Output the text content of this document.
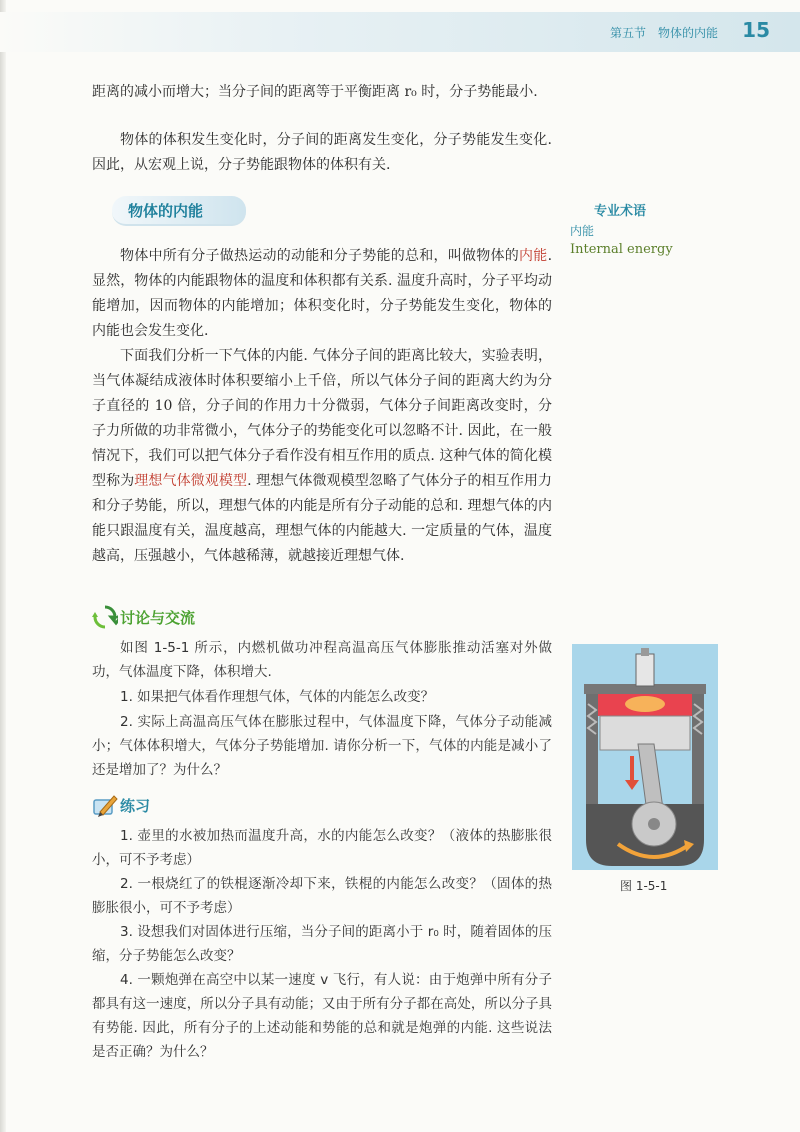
第五节　物体的内能 15

距离的减小而增大；当分子间的距离等于平衡距离 r₀ 时，分子势能最小.

物体的体积发生变化时，分子间的距离发生变化，分子势能发生变化. 因此，从宏观上说，分子势能跟物体的体积有关.

物体的内能	专业术语
内能
Internal energy

物体中所有分子做热运动的动能和分子势能的总和，叫做物体的内能. 显然，物体的内能跟物体的温度和体积都有关系. 温度升高时，分子平均动能增加，因而物体的内能增加；体积变化时，分子势能发生变化，物体的内能也会发生变化.

下面我们分析一下气体的内能. 气体分子间的距离比较大，实验表明，当气体凝结成液体时体积要缩小上千倍，所以气体分子间的距离大约为分子直径的 10 倍，分子间的作用力十分微弱，气体分子间距离改变时，分子力所做的功非常微小，气体分子的势能变化可以忽略不计. 因此，在一般情况下，我们可以把气体分子看作没有相互作用的质点. 这种气体的简化模型称为理想气体微观模型. 理想气体微观模型忽略了气体分子的相互作用力和分子势能，所以，理想气体的内能是所有分子动能的总和. 理想气体的内能只跟温度有关，温度越高，理想气体的内能越大. 一定质量的气体，温度越高，压强越小，气体越稀薄，就越接近理想气体.

讨论与交流

如图 1-5-1 所示，内燃机做功冲程高温高压气体膨胀推动活塞对外做功，气体温度下降，体积增大.

1. 如果把气体看作理想气体，气体的内能怎么改变？

2. 实际上高温高压气体在膨胀过程中，气体温度下降，气体分子动能减小；气体体积增大，气体分子势能增加. 请你分析一下，气体的内能是减小了还是增加了？为什么？

练习

1. 壶里的水被加热而温度升高，水的内能怎么改变？（液体的热膨胀很小，可不予考虑）

2. 一根烧红了的铁棍逐渐冷却下来，铁棍的内能怎么改变？（固体的热膨胀很小，可不予考虑）

3. 设想我们对固体进行压缩，当分子间的距离小于 r₀ 时，随着固体的压缩，分子势能怎么改变？

4. 一颗炮弹在高空中以某一速度 v 飞行，有人说：由于炮弹中所有分子都具有这一速度，所以分子具有动能；又由于所有分子都在高处，所以分子具有势能. 因此，所有分子的上述动能和势能的总和就是炮弹的内能. 这些说法是否正确？为什么？

图 1-5-1
